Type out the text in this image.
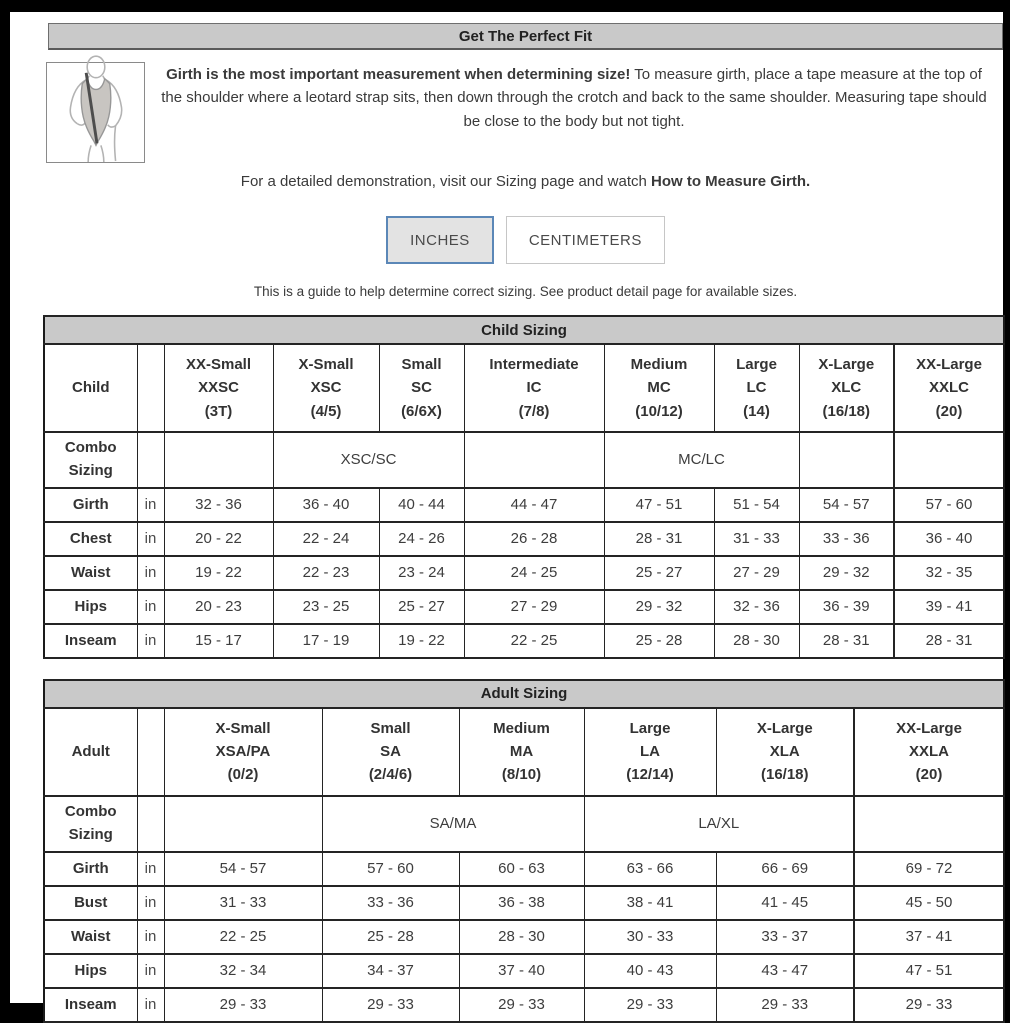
Get The Perfect Fit
Girth is the most important measurement when determining size! To measure girth, place a tape measure at the top of the shoulder where a leotard strap sits, then down through the crotch and back to the same shoulder. Measuring tape should be close to the body but not tight.
For a detailed demonstration, visit our Sizing page and watch How to Measure Girth.
INCHES	CENTIMETERS
This is a guide to help determine correct sizing. See product detail page for available sizes.
Child Sizing									
Child		XX-Small
XXSC
(3T)	X-Small
XSC
(4/5)	Small
SC
(6/6X)	Intermediate
IC
(7/8)	Medium
MC
(10/12)	Large
LC
(14)	X-Large
XLC
(16/18)	XX-Large
XXLC
(20)
Combo
Sizing			XSC/SC			MC/LC			
Girth	in	32 - 36	36 - 40	40 - 44	44 - 47	47 - 51	51 - 54	54 - 57	57 - 60
Chest	in	20 - 22	22 - 24	24 - 26	26 - 28	28 - 31	31 - 33	33 - 36	36 - 40
Waist	in	19 - 22	22 - 23	23 - 24	24 - 25	25 - 27	27 - 29	29 - 32	32 - 35
Hips	in	20 - 23	23 - 25	25 - 27	27 - 29	29 - 32	32 - 36	36 - 39	39 - 41
Inseam	in	15 - 17	17 - 19	19 - 22	22 - 25	25 - 28	28 - 30	28 - 31	28 - 31
Adult Sizing							
Adult		X-Small
XSA/PA
(0/2)	Small
SA
(2/4/6)	Medium
MA
(8/10)	Large
LA
(12/14)	X-Large
XLA
(16/18)	XX-Large
XXLA
(20)
Combo
Sizing			SA/MA		LA/XL		
Girth	in	54 - 57	57 - 60	60 - 63	63 - 66	66 - 69	69 - 72
Bust	in	31 - 33	33 - 36	36 - 38	38 - 41	41 - 45	45 - 50
Waist	in	22 - 25	25 - 28	28 - 30	30 - 33	33 - 37	37 - 41
Hips	in	32 - 34	34 - 37	37 - 40	40 - 43	43 - 47	47 - 51
Inseam	in	29 - 33	29 - 33	29 - 33	29 - 33	29 - 33	29 - 33
